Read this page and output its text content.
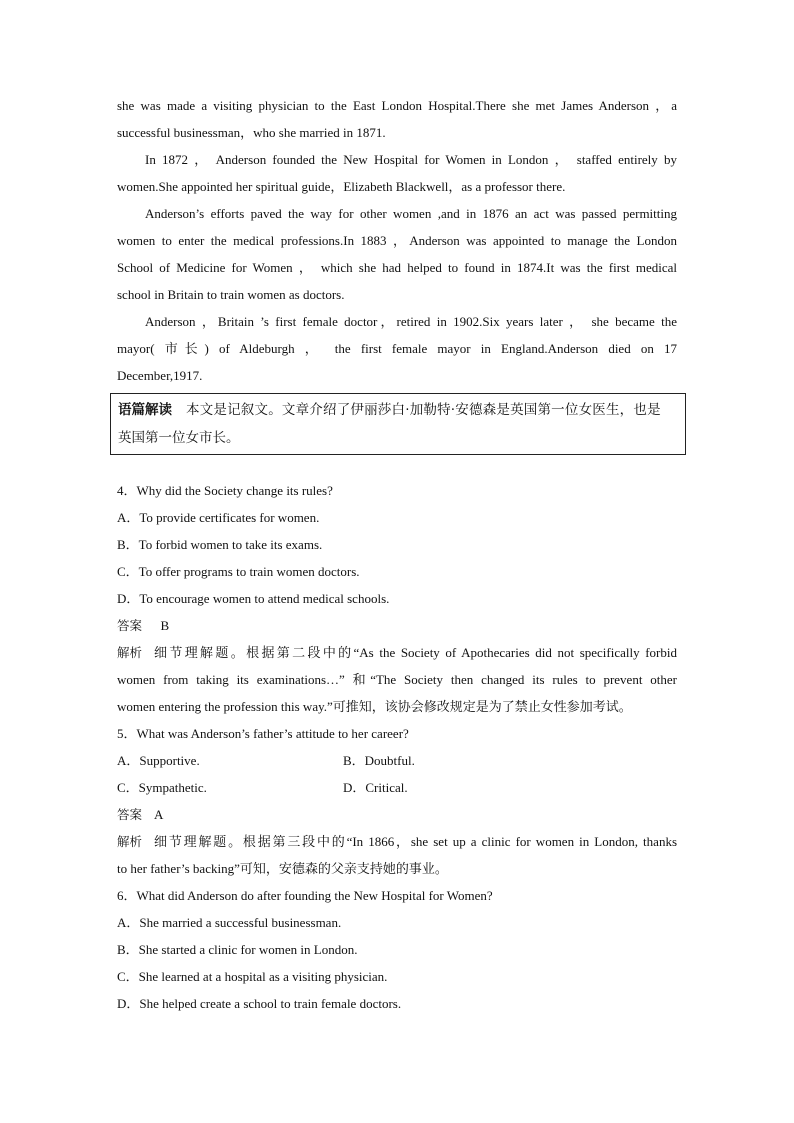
she was made a visiting physician to the East London Hospital.There she met James Anderson ，a
successful businessman，who she married in 1871.
In 1872 ， Anderson founded the New Hospital for Women in London ， staffed entirely by
women.She appointed her spiritual guide，Elizabeth Blackwell，as a professor there.
Anderson’s efforts paved the way for other women ,and in 1876 an act was passed permitting
women to enter the medical professions.In 1883 ，Anderson was appointed to manage the London
School of Medicine for Women ， which she had helped to found in 1874.It was the first medical
school in Britain to train women as doctors.
Anderson ，Britain ’s first female doctor，retired in 1902.Six years later ， she became the
mayor( 市长) of Aldeburgh ， the first female mayor in England.Anderson died on 17
December,1917.
语篇解读 本文是记叙文。文章介绍了伊丽莎白·加勒特·安德森是英国第一位女医生，也是
英国第一位女市长。
4．Why did the Society change its rules?
A．To provide certificates for women.
B．To forbid women to take its exams.
C．To offer programs to train women doctors.
D．To encourage women to attend medical schools.
答案 B
解析 细节理解题。根据第二段中的“As the Society of Apothecaries did not specifically forbid
women from taking its examinations…” 和“The Society then changed its rules to prevent other
women entering the profession this way.”可推知，该协会修改规定是为了禁止女性参加考试。
5．What was Anderson’s father’s attitude to her career?
A．Supportive.	B．Doubtful.
C．Sympathetic.	D．Critical.
答案 A
解析 细节理解题。根据第三段中的“In 1866，she set up a clinic for women in London, thanks
to her father’s backing”可知，安德森的父亲支持她的事业。
6．What did Anderson do after founding the New Hospital for Women?
A．She married a successful businessman.
B．She started a clinic for women in London.
C．She learned at a hospital as a visiting physician.
D．She helped create a school to train female doctors.
